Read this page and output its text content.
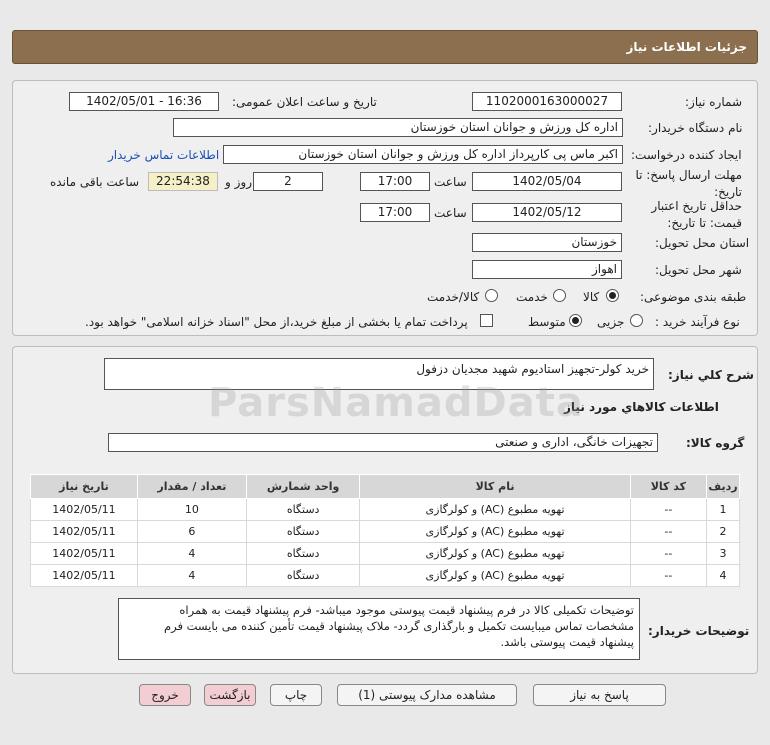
جزئیات اطلاعات نیاز
شماره نیاز:
1102000163000027
تاریخ و ساعت اعلان عمومی:
1402/05/01 - 16:36
نام دستگاه خریدار:
اداره کل ورزش و جوانان استان خوزستان
ایجاد کننده درخواست:
اکبر ماس پی کارپرداز اداره کل ورزش و جوانان استان خوزستان
اطلاعات تماس خریدار
مهلت ارسال پاسخ: تا
تاریخ:
1402/05/04
ساعت
17:00
2
روز و
22:54:38
ساعت باقی مانده
حداقل تاریخ اعتبار
قیمت: تا تاریخ:
1402/05/12
ساعت
17:00
استان محل تحویل:
خوزستان
شهر محل تحویل:
اهواز
طبقه بندی موضوعی:
کالا
خدمت
کالا/خدمت
نوع فرآیند خرید :
جزیی
متوسط
پرداخت تمام یا بخشی از مبلغ خرید،از محل "اسناد خزانه اسلامی" خواهد بود.
شرح کلي نياز:
خرید کولر-تجهیز استادیوم شهید مجدیان دزفول
اطلاعات کالاهاي مورد نياز
گروه کالا:
تجهیزات خانگی، اداری و صنعتی
ردیف	کد کالا	نام کالا	واحد شمارش	تعداد / مقدار	تاریخ نیاز
1	--	تهویه مطبوع (AC) و کولرگازی	دستگاه	10	1402/05/11
2	--	تهویه مطبوع (AC) و کولرگازی	دستگاه	6	1402/05/11
3	--	تهویه مطبوع (AC) و کولرگازی	دستگاه	4	1402/05/11
4	--	تهویه مطبوع (AC) و کولرگازی	دستگاه	4	1402/05/11
توضیحات خریدار:
توضیحات تکمیلی کالا در فرم پیشنهاد قیمت پیوستی موجود میباشد- فرم پیشنهاد قیمت به همراه
مشخصات تماس میبایست تکمیل و بارگذاری گردد- ملاک پیشنهاد قیمت تأمین کننده می بایست فرم
پیشنهاد قیمت پیوستی باشد.
پاسخ به نیاز
مشاهده مدارک پیوستی (1)
چاپ
بازگشت
خروج
ParsNamadData
